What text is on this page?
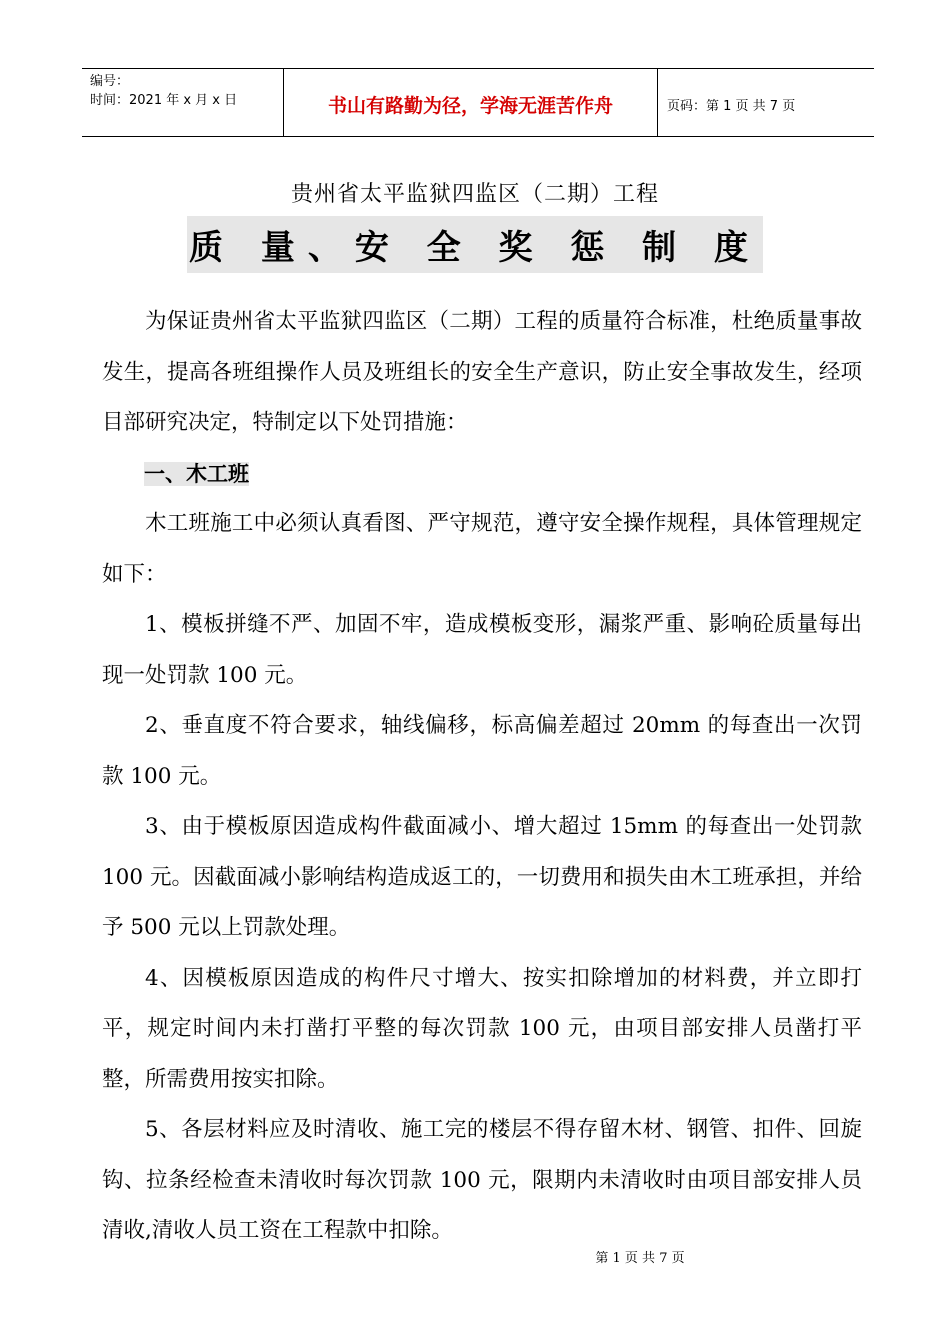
编号：
时间：2021 年 x 月 x 日	书山有路勤为径，学海无涯苦作舟	页码：第 1 页 共 7 页
贵州省太平监狱四监区（二期）工程
质 量、安 全 奖 惩 制 度

为保证贵州省太平监狱四监区（二期）工程的质量符合标准，杜绝质量事故发生，提高各班组操作人员及班组长的安全生产意识，防止安全事故发生，经项目部研究决定，特制定以下处罚措施：

一、木工班

木工班施工中必须认真看图、严守规范，遵守安全操作规程，具体管理规定如下：

1、模板拼缝不严、加固不牢，造成模板变形，漏浆严重、影响砼质量每出现一处罚款 100 元。

2、垂直度不符合要求，轴线偏移，标高偏差超过 20mm 的每查出一次罚款 100 元。

3、由于模板原因造成构件截面减小、增大超过 15mm 的每查出一处罚款 100 元。因截面减小影响结构造成返工的，一切费用和损失由木工班承担，并给予 500 元以上罚款处理。

4、因模板原因造成的构件尺寸增大、按实扣除增加的材料费，并立即打平，规定时间内未打凿打平整的每次罚款 100 元，由项目部安排人员凿打平整，所需费用按实扣除。

5、各层材料应及时清收、施工完的楼层不得存留木材、钢管、扣件、回旋钩、拉条经检查未清收时每次罚款 100 元，限期内未清收时由项目部安排人员清收,清收人员工资在工程款中扣除。

第 1 页 共 7 页
